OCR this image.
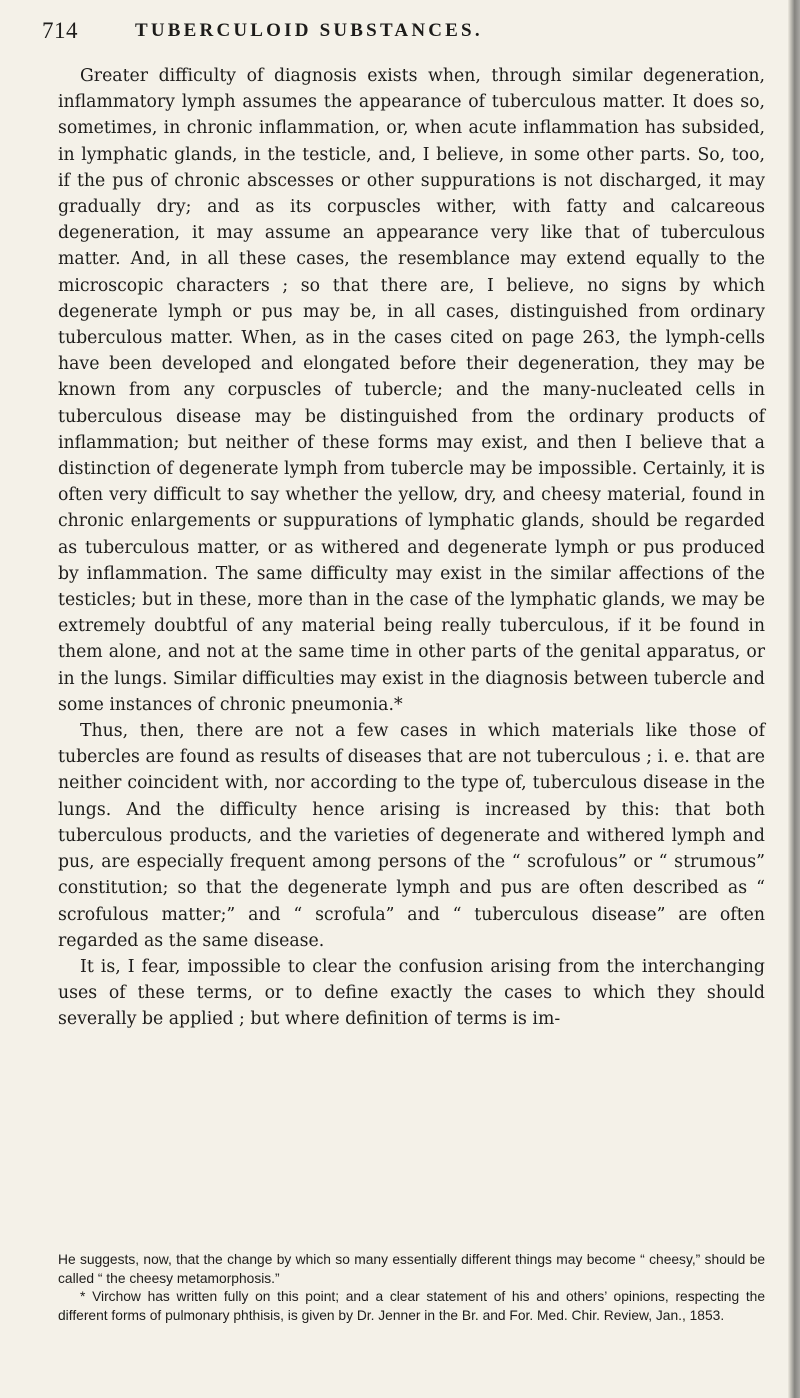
714	TUBERCULOID SUBSTANCES.

Greater difficulty of diagnosis exists when, through similar degeneration, inflammatory lymph assumes the appearance of tuberculous matter. It does so, sometimes, in chronic inflammation, or, when acute inflammation has subsided, in lymphatic glands, in the testicle, and, I believe, in some other parts. So, too, if the pus of chronic abscesses or other suppurations is not discharged, it may gradually dry; and as its corpuscles wither, with fatty and calcareous degeneration, it may assume an appearance very like that of tuberculous matter. And, in all these cases, the resemblance may extend equally to the microscopic characters ; so that there are, I believe, no signs by which degenerate lymph or pus may be, in all cases, distinguished from ordinary tuberculous matter. When, as in the cases cited on page 263, the lymph-cells have been developed and elongated before their degeneration, they may be known from any corpuscles of tubercle; and the many-nucleated cells in tuberculous disease may be distinguished from the ordinary products of inflammation; but neither of these forms may exist, and then I believe that a distinction of degenerate lymph from tubercle may be impossible. Certainly, it is often very difficult to say whether the yellow, dry, and cheesy material, found in chronic enlargements or suppurations of lymphatic glands, should be regarded as tuberculous matter, or as withered and degenerate lymph or pus produced by inflammation. The same difficulty may exist in the similar affections of the testicles; but in these, more than in the case of the lymphatic glands, we may be extremely doubtful of any material being really tuberculous, if it be found in them alone, and not at the same time in other parts of the genital apparatus, or in the lungs. Similar difficulties may exist in the diagnosis between tubercle and some instances of chronic pneumonia.*

Thus, then, there are not a few cases in which materials like those of tubercles are found as results of diseases that are not tuberculous ; i. e. that are neither coincident with, nor according to the type of, tuberculous disease in the lungs. And the difficulty hence arising is increased by this: that both tuberculous products, and the varieties of degenerate and withered lymph and pus, are especially frequent among persons of the “ scrofulous” or “ strumous” constitution; so that the degenerate lymph and pus are often described as “ scrofulous matter;” and “ scrofula” and “ tuberculous disease” are often regarded as the same disease.

It is, I fear, impossible to clear the confusion arising from the interchanging uses of these terms, or to define exactly the cases to which they should severally be applied ; but where definition of terms is im-

He suggests, now, that the change by which so many essentially different things may become “ cheesy,” should be called “ the cheesy metamorphosis.”

* Virchow has written fully on this point; and a clear statement of his and others’ opinions, respecting the different forms of pulmonary phthisis, is given by Dr. Jenner in the Br. and For. Med. Chir. Review, Jan., 1853.
